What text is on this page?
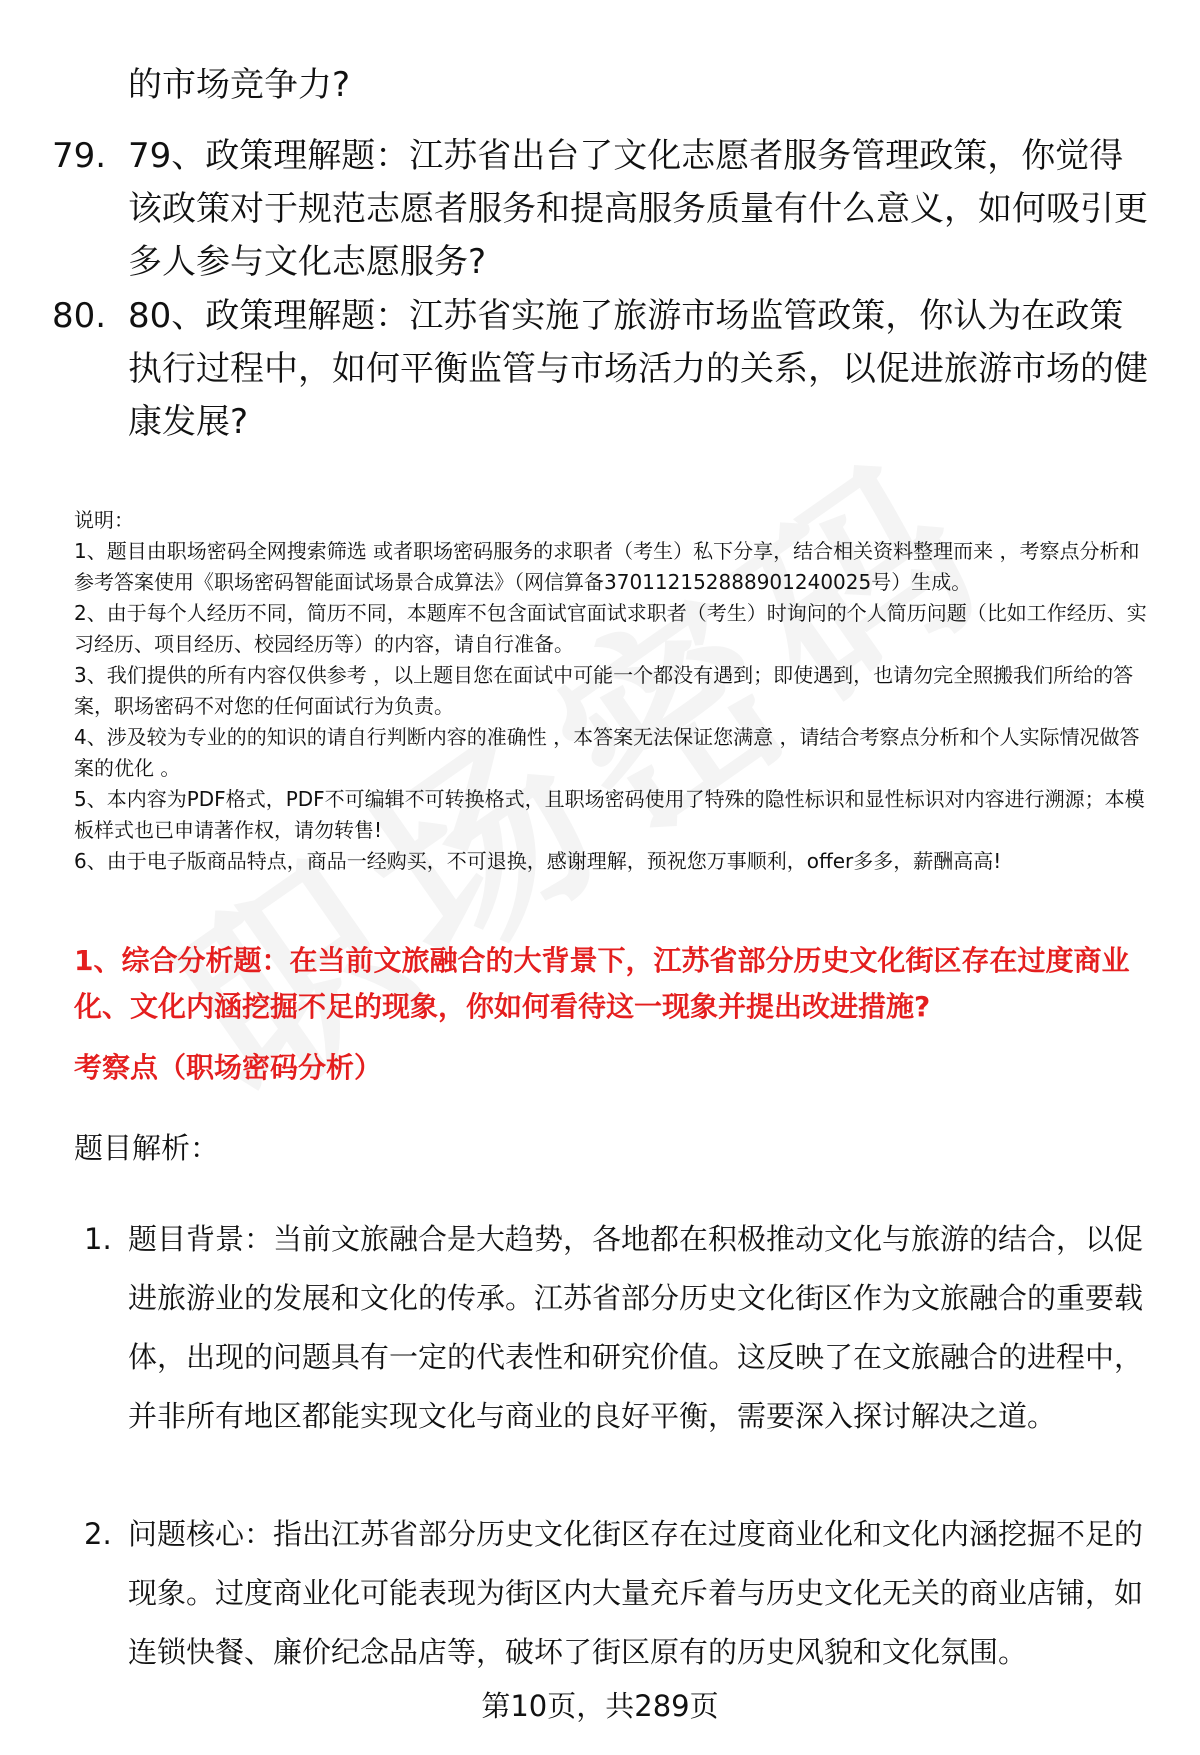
的市场竞争力?

79. 79、政策理解题：江苏省出台了文化志愿者服务管理政策，你觉得该政策对于规范志愿者服务和提高服务质量有什么意义，如何吸引更多人参与文化志愿服务?
80. 80、政策理解题：江苏省实施了旅游市场监管政策，你认为在政策执行过程中，如何平衡监管与市场活力的关系，以促进旅游市场的健康发展?

说明：

1、题目由职场密码全网搜索筛选 或者职场密码服务的求职者（考生）私下分享，结合相关资料整理而来 ，考察点分析和参考答案使用《职场密码智能面试场景合成算法》（网信算备370112152888901240025号）生成。

2、由于每个人经历不同，简历不同，本题库不包含面试官面试求职者（考生）时询问的个人简历问题（比如工作经历、实习经历、项目经历、校园经历等）的内容，请自行准备。

3、我们提供的所有内容仅供参考 ，以上题目您在面试中可能一个都没有遇到；即使遇到，也请勿完全照搬我们所给的答案，职场密码不对您的任何面试行为负责。

4、涉及较为专业的的知识的请自行判断内容的准确性 ，本答案无法保证您满意 ，请结合考察点分析和个人实际情况做答案的优化 。

5、本内容为PDF格式，PDF不可编辑不可转换格式，且职场密码使用了特殊的隐性标识和显性标识对内容进行溯源；本模板样式也已申请著作权，请勿转售!

6、由于电子版商品特点，商品一经购买，不可退换，感谢理解，预祝您万事顺利，offer多多，薪酬高高!

1、综合分析题：在当前文旅融合的大背景下，江苏省部分历史文化街区存在过度商业化、文化内涵挖掘不足的现象，你如何看待这一现象并提出改进措施?

考察点（职场密码分析）

题目解析：

1. 题目背景：当前文旅融合是大趋势，各地都在积极推动文化与旅游的结合，以促进旅游业的发展和文化的传承。江苏省部分历史文化街区作为文旅融合的重要载体，出现的问题具有一定的代表性和研究价值。这反映了在文旅融合的进程中，并非所有地区都能实现文化与商业的良好平衡，需要深入探讨解决之道。
2. 问题核心：指出江苏省部分历史文化街区存在过度商业化和文化内涵挖掘不足的现象。过度商业化可能表现为街区内大量充斥着与历史文化无关的商业店铺，如连锁快餐、廉价纪念品店等，破坏了街区原有的历史风貌和文化氛围。
第10页，共289页
